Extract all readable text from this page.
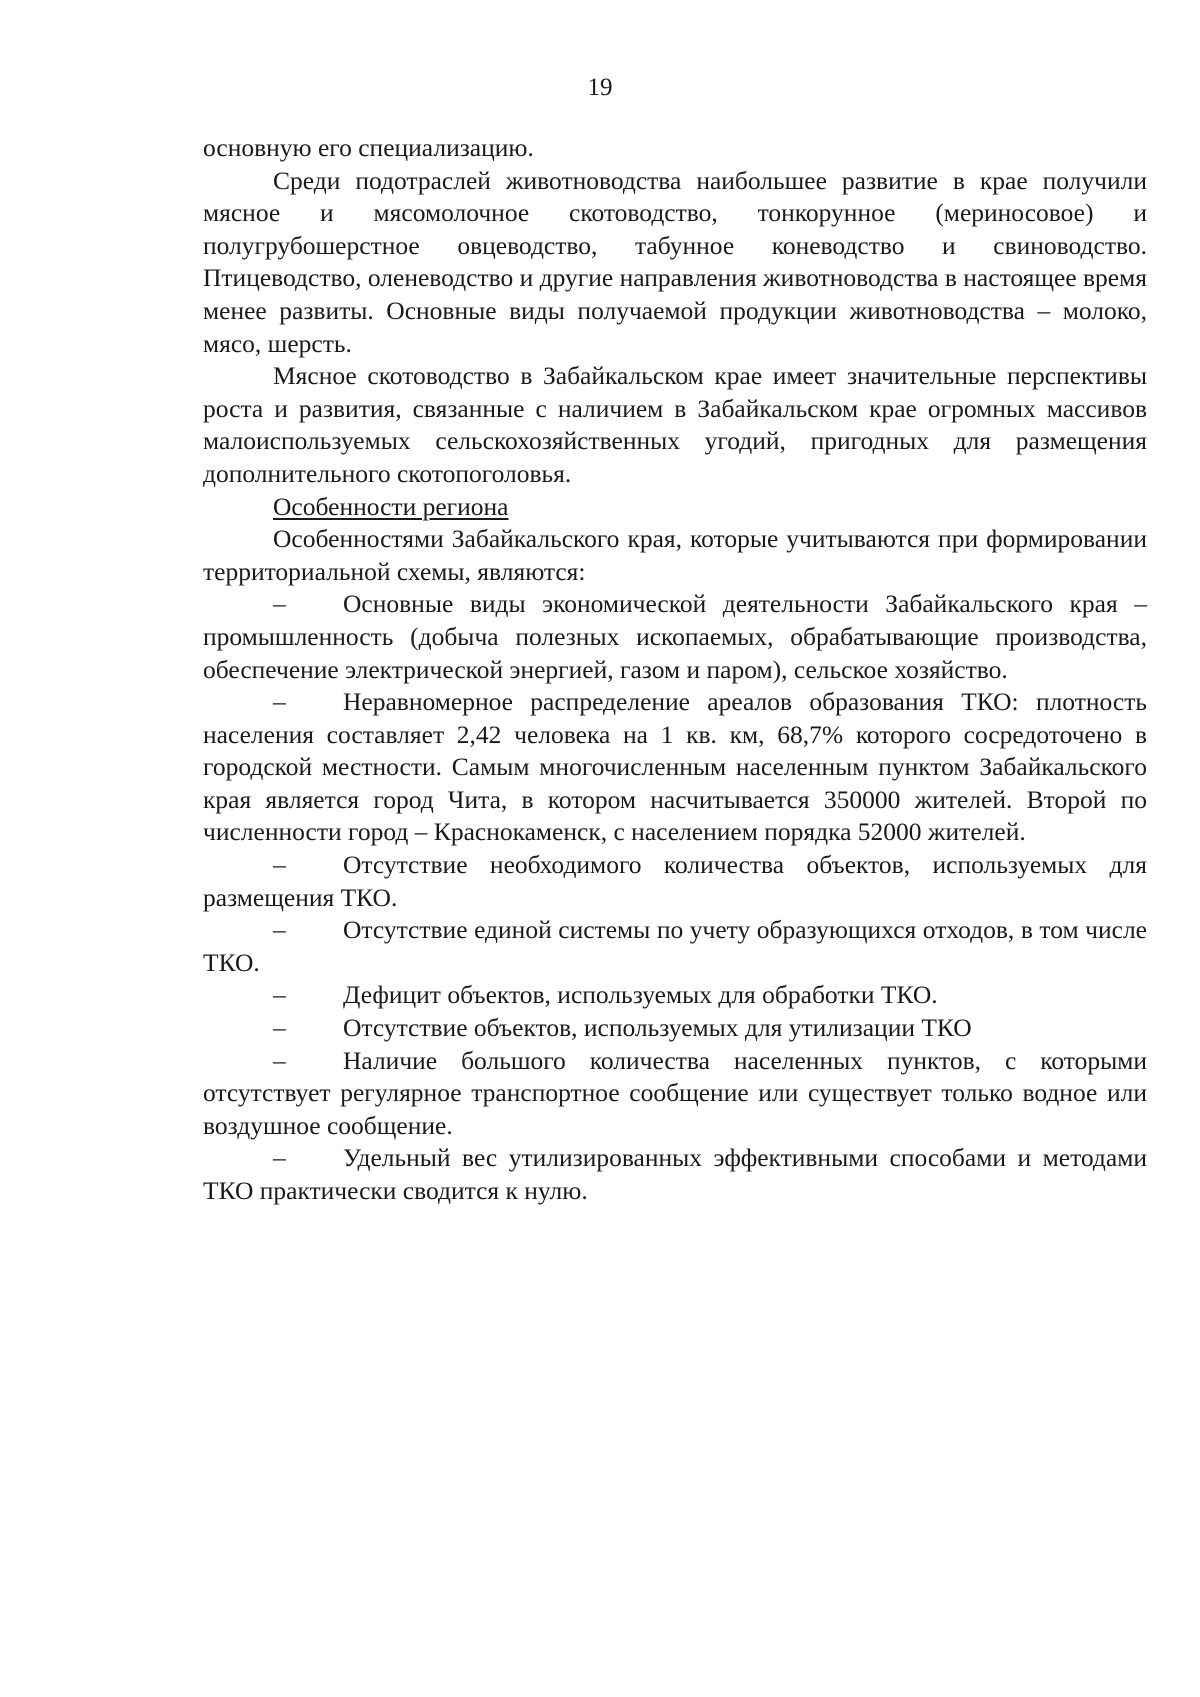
19

основную его специализацию.

Среди подотраслей животноводства наибольшее развитие в крае получили мясное и мясомолочное скотоводство, тонкорунное (мериносовое) и полугрубошерстное овцеводство, табунное коневодство и свиноводство. Птицеводство, оленеводство и другие направления животноводства в настоящее время менее развиты. Основные виды получаемой продукции животноводства – молоко, мясо, шерсть.

Мясное скотоводство в Забайкальском крае имеет значительные перспективы роста и развития, связанные с наличием в Забайкальском крае огромных массивов малоиспользуемых сельскохозяйственных угодий, пригодных для размещения дополнительного скотопоголовья.

Особенности региона

Особенностями Забайкальского края, которые учитываются при формировании территориальной схемы, являются:

– Основные виды экономической деятельности Забайкальского края – промышленность (добыча полезных ископаемых, обрабатывающие производства, обеспечение электрической энергией, газом и паром), сельское хозяйство.

– Неравномерное распределение ареалов образования ТКО: плотность населения составляет 2,42 человека на 1 кв. км, 68,7% которого сосредоточено в городской местности. Самым многочисленным населенным пунктом Забайкальского края является город Чита, в котором насчитывается 350000 жителей. Второй по численности город – Краснокаменск, с населением порядка 52000 жителей.

– Отсутствие необходимого количества объектов, используемых для размещения ТКО.

– Отсутствие единой системы по учету образующихся отходов, в том числе ТКО.

– Дефицит объектов, используемых для обработки ТКО.

– Отсутствие объектов, используемых для утилизации ТКО

– Наличие большого количества населенных пунктов, с которыми отсутствует регулярное транспортное сообщение или существует только водное или воздушное сообщение.

– Удельный вес утилизированных эффективными способами и методами ТКО практически сводится к нулю.
